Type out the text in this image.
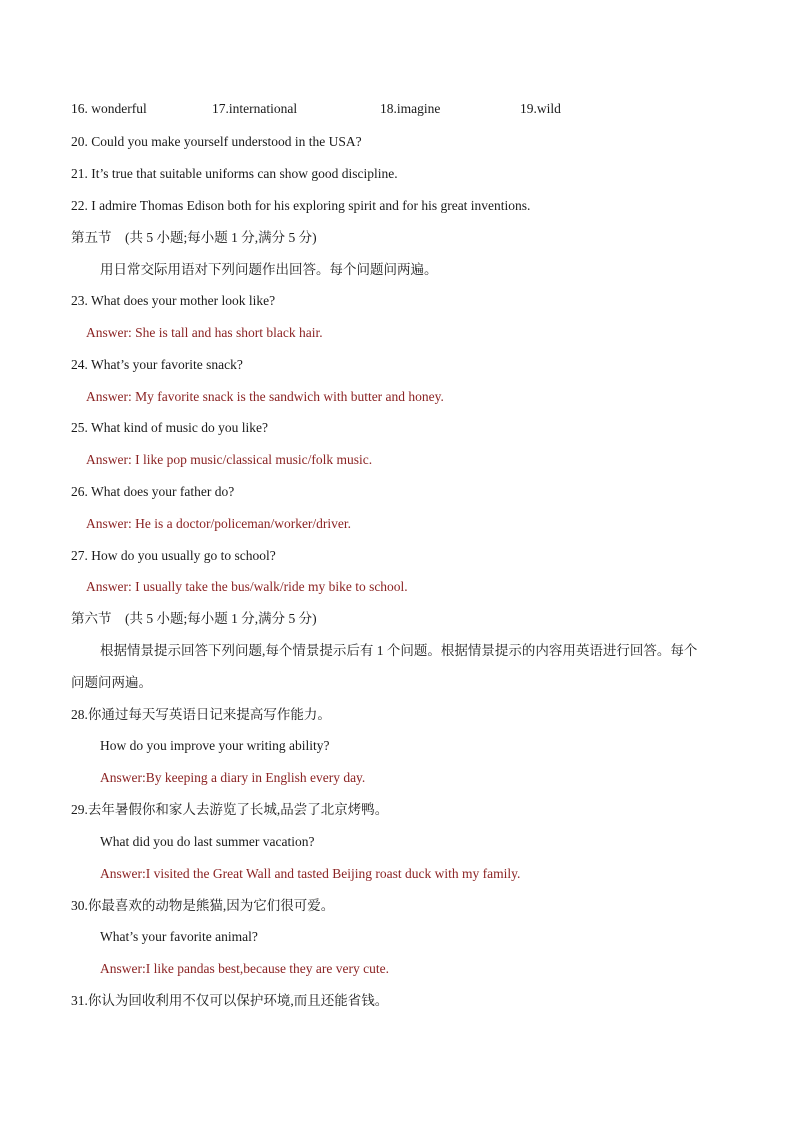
16. wonderful	17.international	18.imagine	19.wild
20. Could you make yourself understood in the USA?
21. It’s true that suitable uniforms can show good discipline.
22. I admire Thomas Edison both for his exploring spirit and for his great inventions.
第五节　(共 5 小题;每小题 1 分,满分 5 分)
用日常交际用语对下列问题作出回答。每个问题问两遍。
23. What does your mother look like?
Answer: She is tall and has short black hair.
24. What’s your favorite snack?
Answer: My favorite snack is the sandwich with butter and honey.
25. What kind of music do you like?
Answer: I like pop music/classical music/folk music.
26. What does your father do?
Answer: He is a doctor/policeman/worker/driver.
27. How do you usually go to school?
Answer: I usually take the bus/walk/ride my bike to school.
第六节　(共 5 小题;每小题 1 分,满分 5 分)
根据情景提示回答下列问题,每个情景提示后有 1 个问题。根据情景提示的内容用英语进行回答。每个
问题问两遍。
28.你通过每天写英语日记来提高写作能力。
How do you improve your writing ability?
Answer:By keeping a diary in English every day.
29.去年暑假你和家人去游览了长城,品尝了北京烤鸭。
What did you do last summer vacation?
Answer:I visited the Great Wall and tasted Beijing roast duck with my family.
30.你最喜欢的动物是熊猫,因为它们很可爱。
What’s your favorite animal?
Answer:I like pandas best,because they are very cute.
31.你认为回收利用不仅可以保护环境,而且还能省钱。
